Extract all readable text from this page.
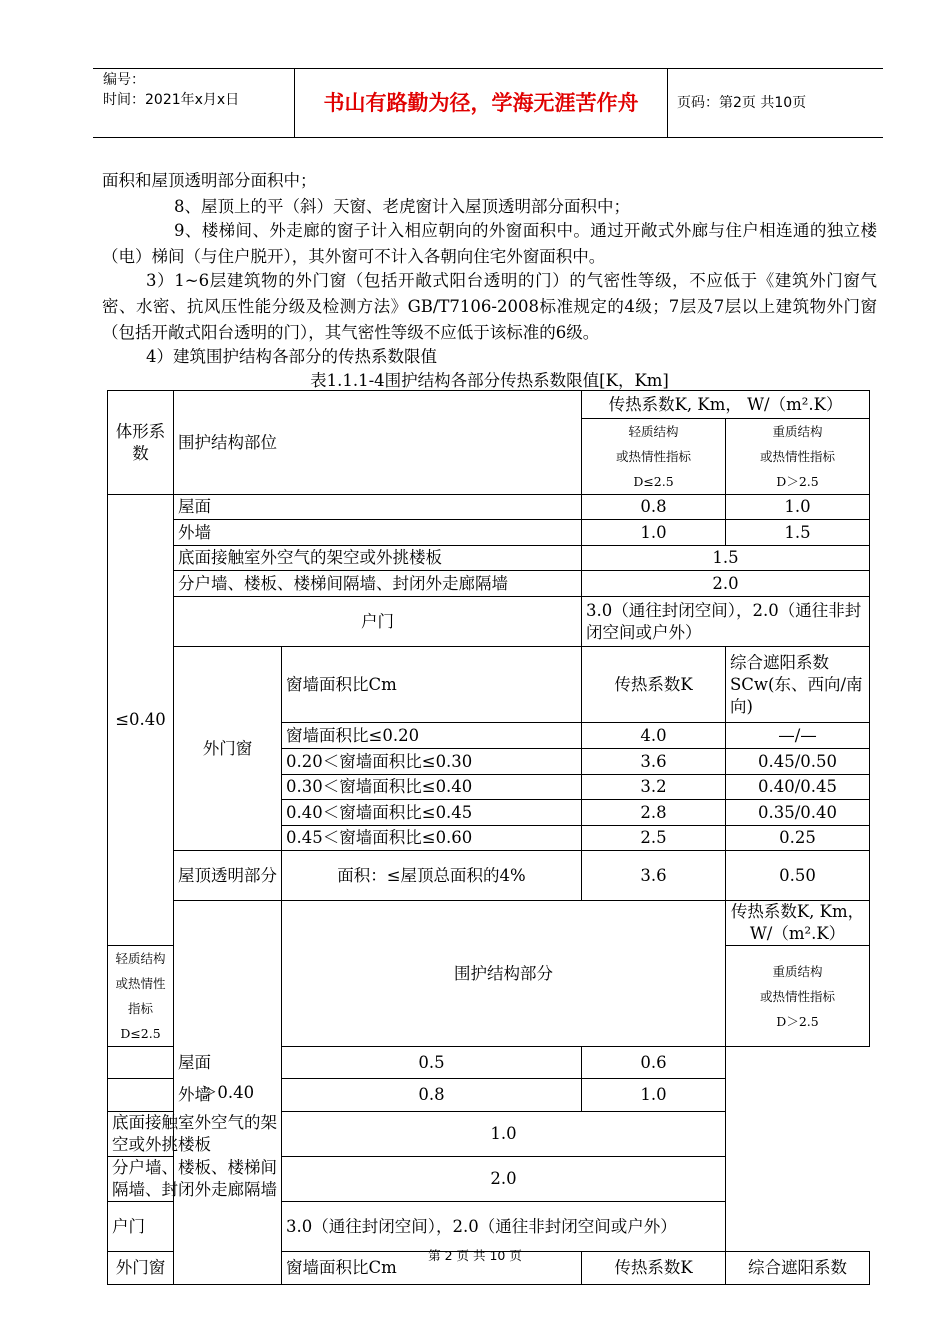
编号：
时间：2021年x月x日	书山有路勤为径，学海无涯苦作舟	页码：第2页 共10页
面积和屋顶透明部分面积中；
8、屋顶上的平（斜）天窗、老虎窗计入屋顶透明部分面积中；
9、楼梯间、外走廊的窗子计入相应朝向的外窗面积中。通过开敞式外廊与住户相连通的独立楼（电）梯间（与住户脱开），其外窗可不计入各朝向住宅外窗面积中。
3）1~6层建筑物的外门窗（包括开敞式阳台透明的门）的气密性等级，不应低于《建筑外门窗气密、水密、抗风压性能分级及检测方法》GB/T7106-2008标准规定的4级；7层及7层以上建筑物外门窗（包括开敞式阳台透明的门），其气密性等级不应低于该标准的6级。
4）建筑围护结构各部分的传热系数限值
表1.1.1-4围护结构各部分传热系数限值[K，Km]
体形系数	围护结构部位		传热系数K, Km， W/（m².K）	
			轻质结构
或热情性指标
D≤2.5	重质结构
或热情性指标
D＞2.5
≤0.40	屋面		0.8	1.0
	外墙		1.0	1.5
	底面接触室外空气的架空或外挑楼板		1.5	
	分户墙、楼板、楼梯间隔墙、封闭外走廊隔墙		2.0	
	户门		3.0（通往封闭空间），2.0（通往非封闭空间或户外）	
	外门窗	窗墙面积比Cm	传热系数K	综合遮阳系数SCw(东、西向/南向)
		窗墙面积比≤0.20	4.0	—/—
		0.20＜窗墙面积比≤0.30	3.6	0.45/0.50
		0.30＜窗墙面积比≤0.40	3.2	0.40/0.45
		0.40＜窗墙面积比≤0.45	2.8	0.35/0.40
		0.45＜窗墙面积比≤0.60	2.5	0.25
	屋顶透明部分	面积：≤屋顶总面积的4%	3.6	0.50
	＞0.40	围护结构部分		传热系数K, Km， W/（m².K）
轻质结构
或热情性指标
D≤2.5				重质结构
或热情性指标
D＞2.5
屋面		0.5	0.6	
外墙		0.8	1.0	
底面接触室外空气的架空或外挑楼板		1.0		
分户墙、楼板、楼梯间隔墙、封闭外走廊隔墙		2.0		
户门		3.0（通往封闭空间），2.0（通往非封闭空间或户外）		
外门窗		窗墙面积比Cm	传热系数K	综合遮阳系数
第 2 页 共 10 页
